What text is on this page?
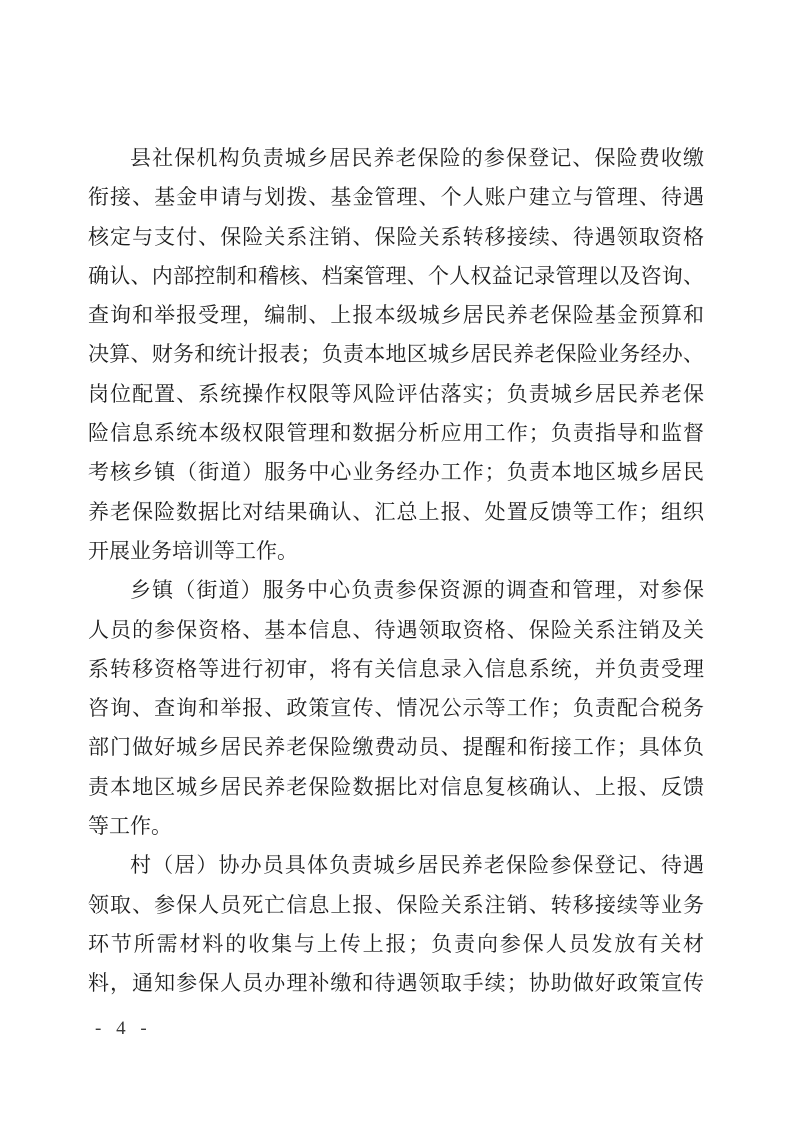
县社保机构负责城乡居民养老保险的参保登记、保险费收缴
衔接、基金申请与划拨、基金管理、个人账户建立与管理、待遇
核定与支付、保险关系注销、保险关系转移接续、待遇领取资格
确认、内部控制和稽核、档案管理、个人权益记录管理以及咨询、
查询和举报受理，编制、上报本级城乡居民养老保险基金预算和
决算、财务和统计报表；负责本地区城乡居民养老保险业务经办、
岗位配置、系统操作权限等风险评估落实；负责城乡居民养老保
险信息系统本级权限管理和数据分析应用工作；负责指导和监督
考核乡镇（街道）服务中心业务经办工作；负责本地区城乡居民
养老保险数据比对结果确认、汇总上报、处置反馈等工作；组织
开展业务培训等工作。
乡镇（街道）服务中心负责参保资源的调查和管理，对参保
人员的参保资格、基本信息、待遇领取资格、保险关系注销及关
系转移资格等进行初审，将有关信息录入信息系统，并负责受理
咨询、查询和举报、政策宣传、情况公示等工作；负责配合税务
部门做好城乡居民养老保险缴费动员、提醒和衔接工作；具体负
责本地区城乡居民养老保险数据比对信息复核确认、上报、反馈
等工作。
村（居）协办员具体负责城乡居民养老保险参保登记、待遇
领取、参保人员死亡信息上报、保险关系注销、转移接续等业务
环节所需材料的收集与上传上报；负责向参保人员发放有关材
料，通知参保人员办理补缴和待遇领取手续；协助做好政策宣传
- 4 -
